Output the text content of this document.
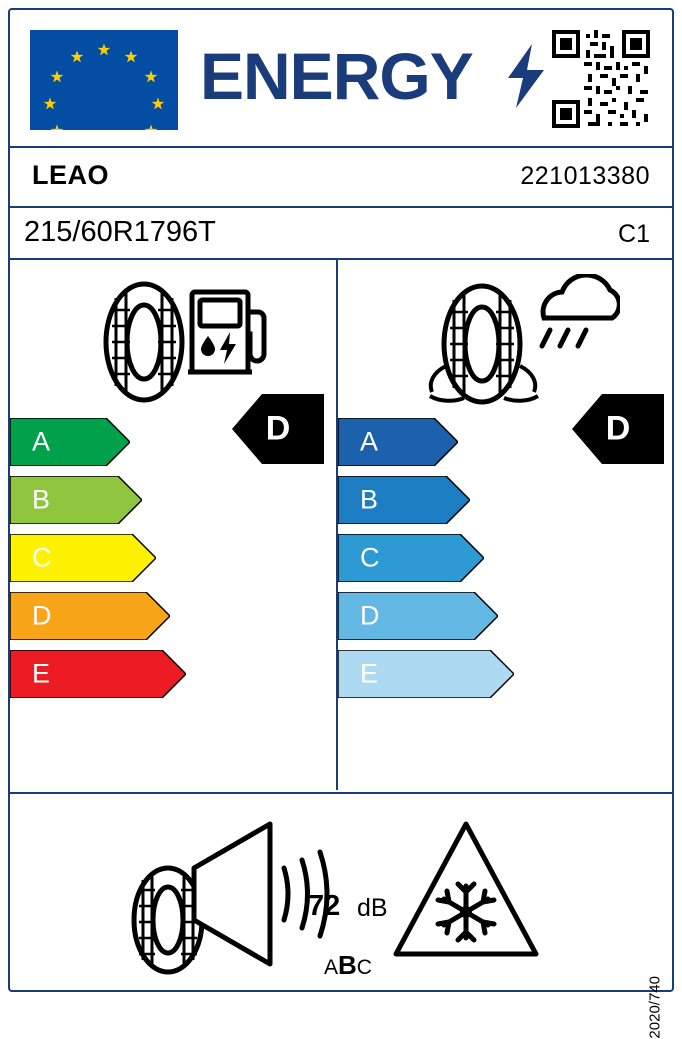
ENERGY
LEAO	221013380
215/60R1796T	C1
A
B
C
D
E
D	A
B
C
D
E
D
72 dB
ABC
2020/740
